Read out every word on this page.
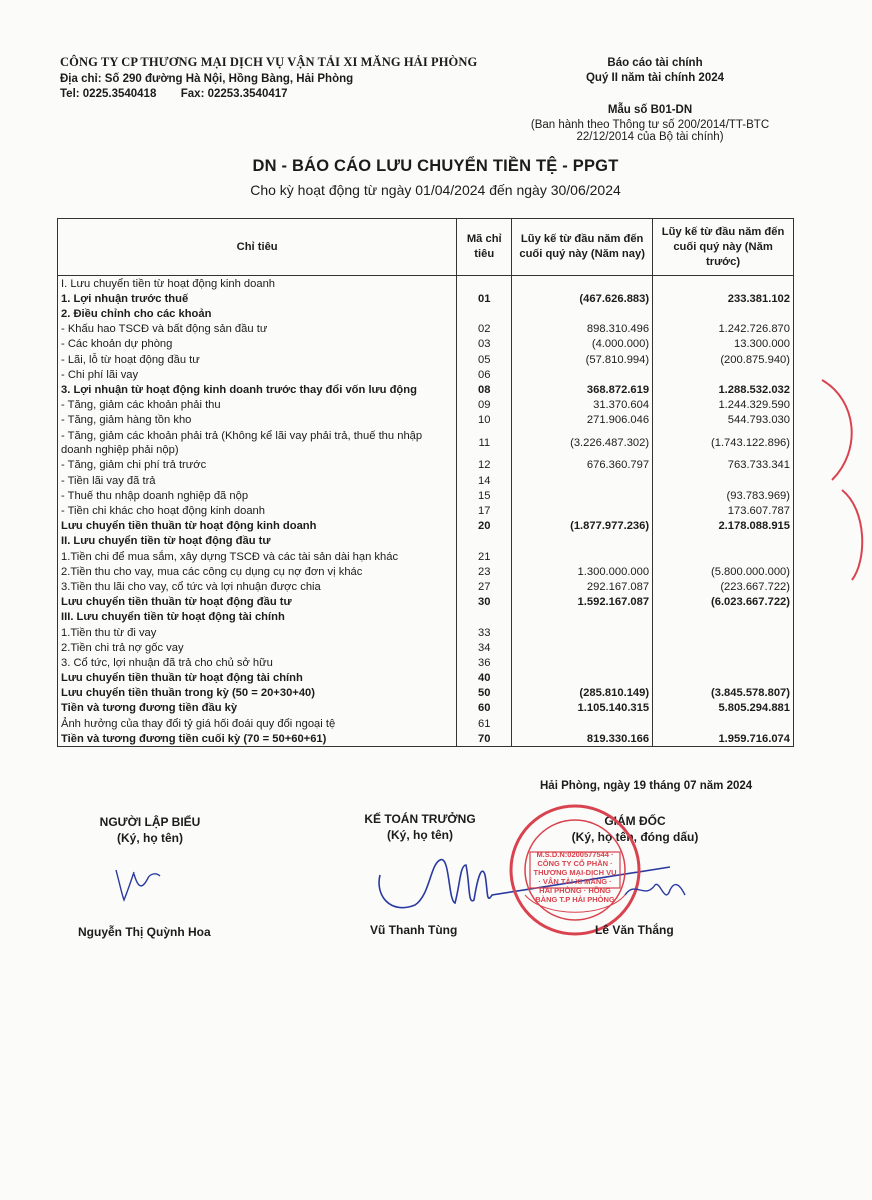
CÔNG TY CP THƯƠNG MẠI DỊCH VỤ VẬN TẢI XI MĂNG HẢI PHÒNG
Địa chỉ: Số 290 đường Hà Nội, Hồng Bàng, Hải Phòng
Tel: 0225.3540418 Fax: 02253.3540417
Báo cáo tài chính
Quý II năm tài chính 2024
Mẫu số B01-DN
(Ban hành theo Thông tư số 200/2014/TT-BTC
22/12/2014 của Bộ tài chính)
DN - BÁO CÁO LƯU CHUYỂN TIỀN TỆ - PPGT
Cho kỳ hoạt động từ ngày 01/04/2024 đến ngày 30/06/2024
Chỉ tiêu	Mã chỉ tiêu	Lũy kế từ đầu năm đến cuối quý này (Năm nay)	Lũy kế từ đầu năm đến cuối quý này (Năm trước)
I. Lưu chuyển tiền từ hoạt động kinh doanh			
1. Lợi nhuận trước thuế	01	(467.626.883)	233.381.102
2. Điều chỉnh cho các khoản			
- Khấu hao TSCĐ và bất động sản đầu tư	02	898.310.496	1.242.726.870
- Các khoản dự phòng	03	(4.000.000)	13.300.000
- Lãi, lỗ từ hoạt động đầu tư	05	(57.810.994)	(200.875.940)
- Chi phí lãi vay	06		
3. Lợi nhuận từ hoạt động kinh doanh trước thay đổi vốn lưu động	08	368.872.619	1.288.532.032
- Tăng, giảm các khoản phải thu	09	31.370.604	1.244.329.590
- Tăng, giảm hàng tồn kho	10	271.906.046	544.793.030
- Tăng, giảm các khoản phải trả (Không kể lãi vay phải trả, thuế thu nhập doanh nghiệp phải nộp)	11	(3.226.487.302)	(1.743.122.896)
- Tăng, giảm chi phí trả trước	12	676.360.797	763.733.341
- Tiền lãi vay đã trả	14		
- Thuế thu nhập doanh nghiệp đã nộp	15		(93.783.969)
- Tiền chi khác cho hoạt động kinh doanh	17		173.607.787
Lưu chuyển tiền thuần từ hoạt động kinh doanh	20	(1.877.977.236)	2.178.088.915
II. Lưu chuyển tiền từ hoạt động đầu tư			
1.Tiền chi để mua sắm, xây dựng TSCĐ và các tài sản dài hạn khác	21		
2.Tiền thu cho vay, mua các công cụ dụng cụ nợ đơn vị khác	23	1.300.000.000	(5.800.000.000)
3.Tiền thu lãi cho vay, cổ tức và lợi nhuận được chia	27	292.167.087	(223.667.722)
Lưu chuyển tiền thuần từ hoạt động đầu tư	30	1.592.167.087	(6.023.667.722)
III. Lưu chuyển tiền từ hoạt động tài chính			
1.Tiền thu từ đi vay	33		
2.Tiền chi trả nợ gốc vay	34		
3. Cổ tức, lợi nhuận đã trả cho chủ sở hữu	36		
Lưu chuyển tiền thuần từ hoạt động tài chính	40		
Lưu chuyển tiền thuần trong kỳ (50 = 20+30+40)	50	(285.810.149)	(3.845.578.807)
Tiền và tương đương tiền đầu kỳ	60	1.105.140.315	5.805.294.881
Ảnh hưởng của thay đổi tỷ giá hối đoái quy đổi ngoại tệ	61		
Tiền và tương đương tiền cuối kỳ (70 = 50+60+61)	70	819.330.166	1.959.716.074
Hải Phòng, ngày 19 tháng 07 năm 2024
NGƯỜI LẬP BIỂU
(Ký, họ tên)
KẾ TOÁN TRƯỞNG
(Ký, họ tên)
GIÁM ĐỐC
(Ký, họ tên, đóng dấu)
M.S.D.N:0200577544 · CÔNG TY CỔ PHẦN · THƯƠNG MẠI-DỊCH VỤ · VẬN TẢI XI MĂNG · HẢI PHÒNG · HỒNG BÀNG T.P HẢI PHÒNG
Nguyễn Thị Quỳnh Hoa	Vũ Thanh Tùng	Lê Văn Thắng
